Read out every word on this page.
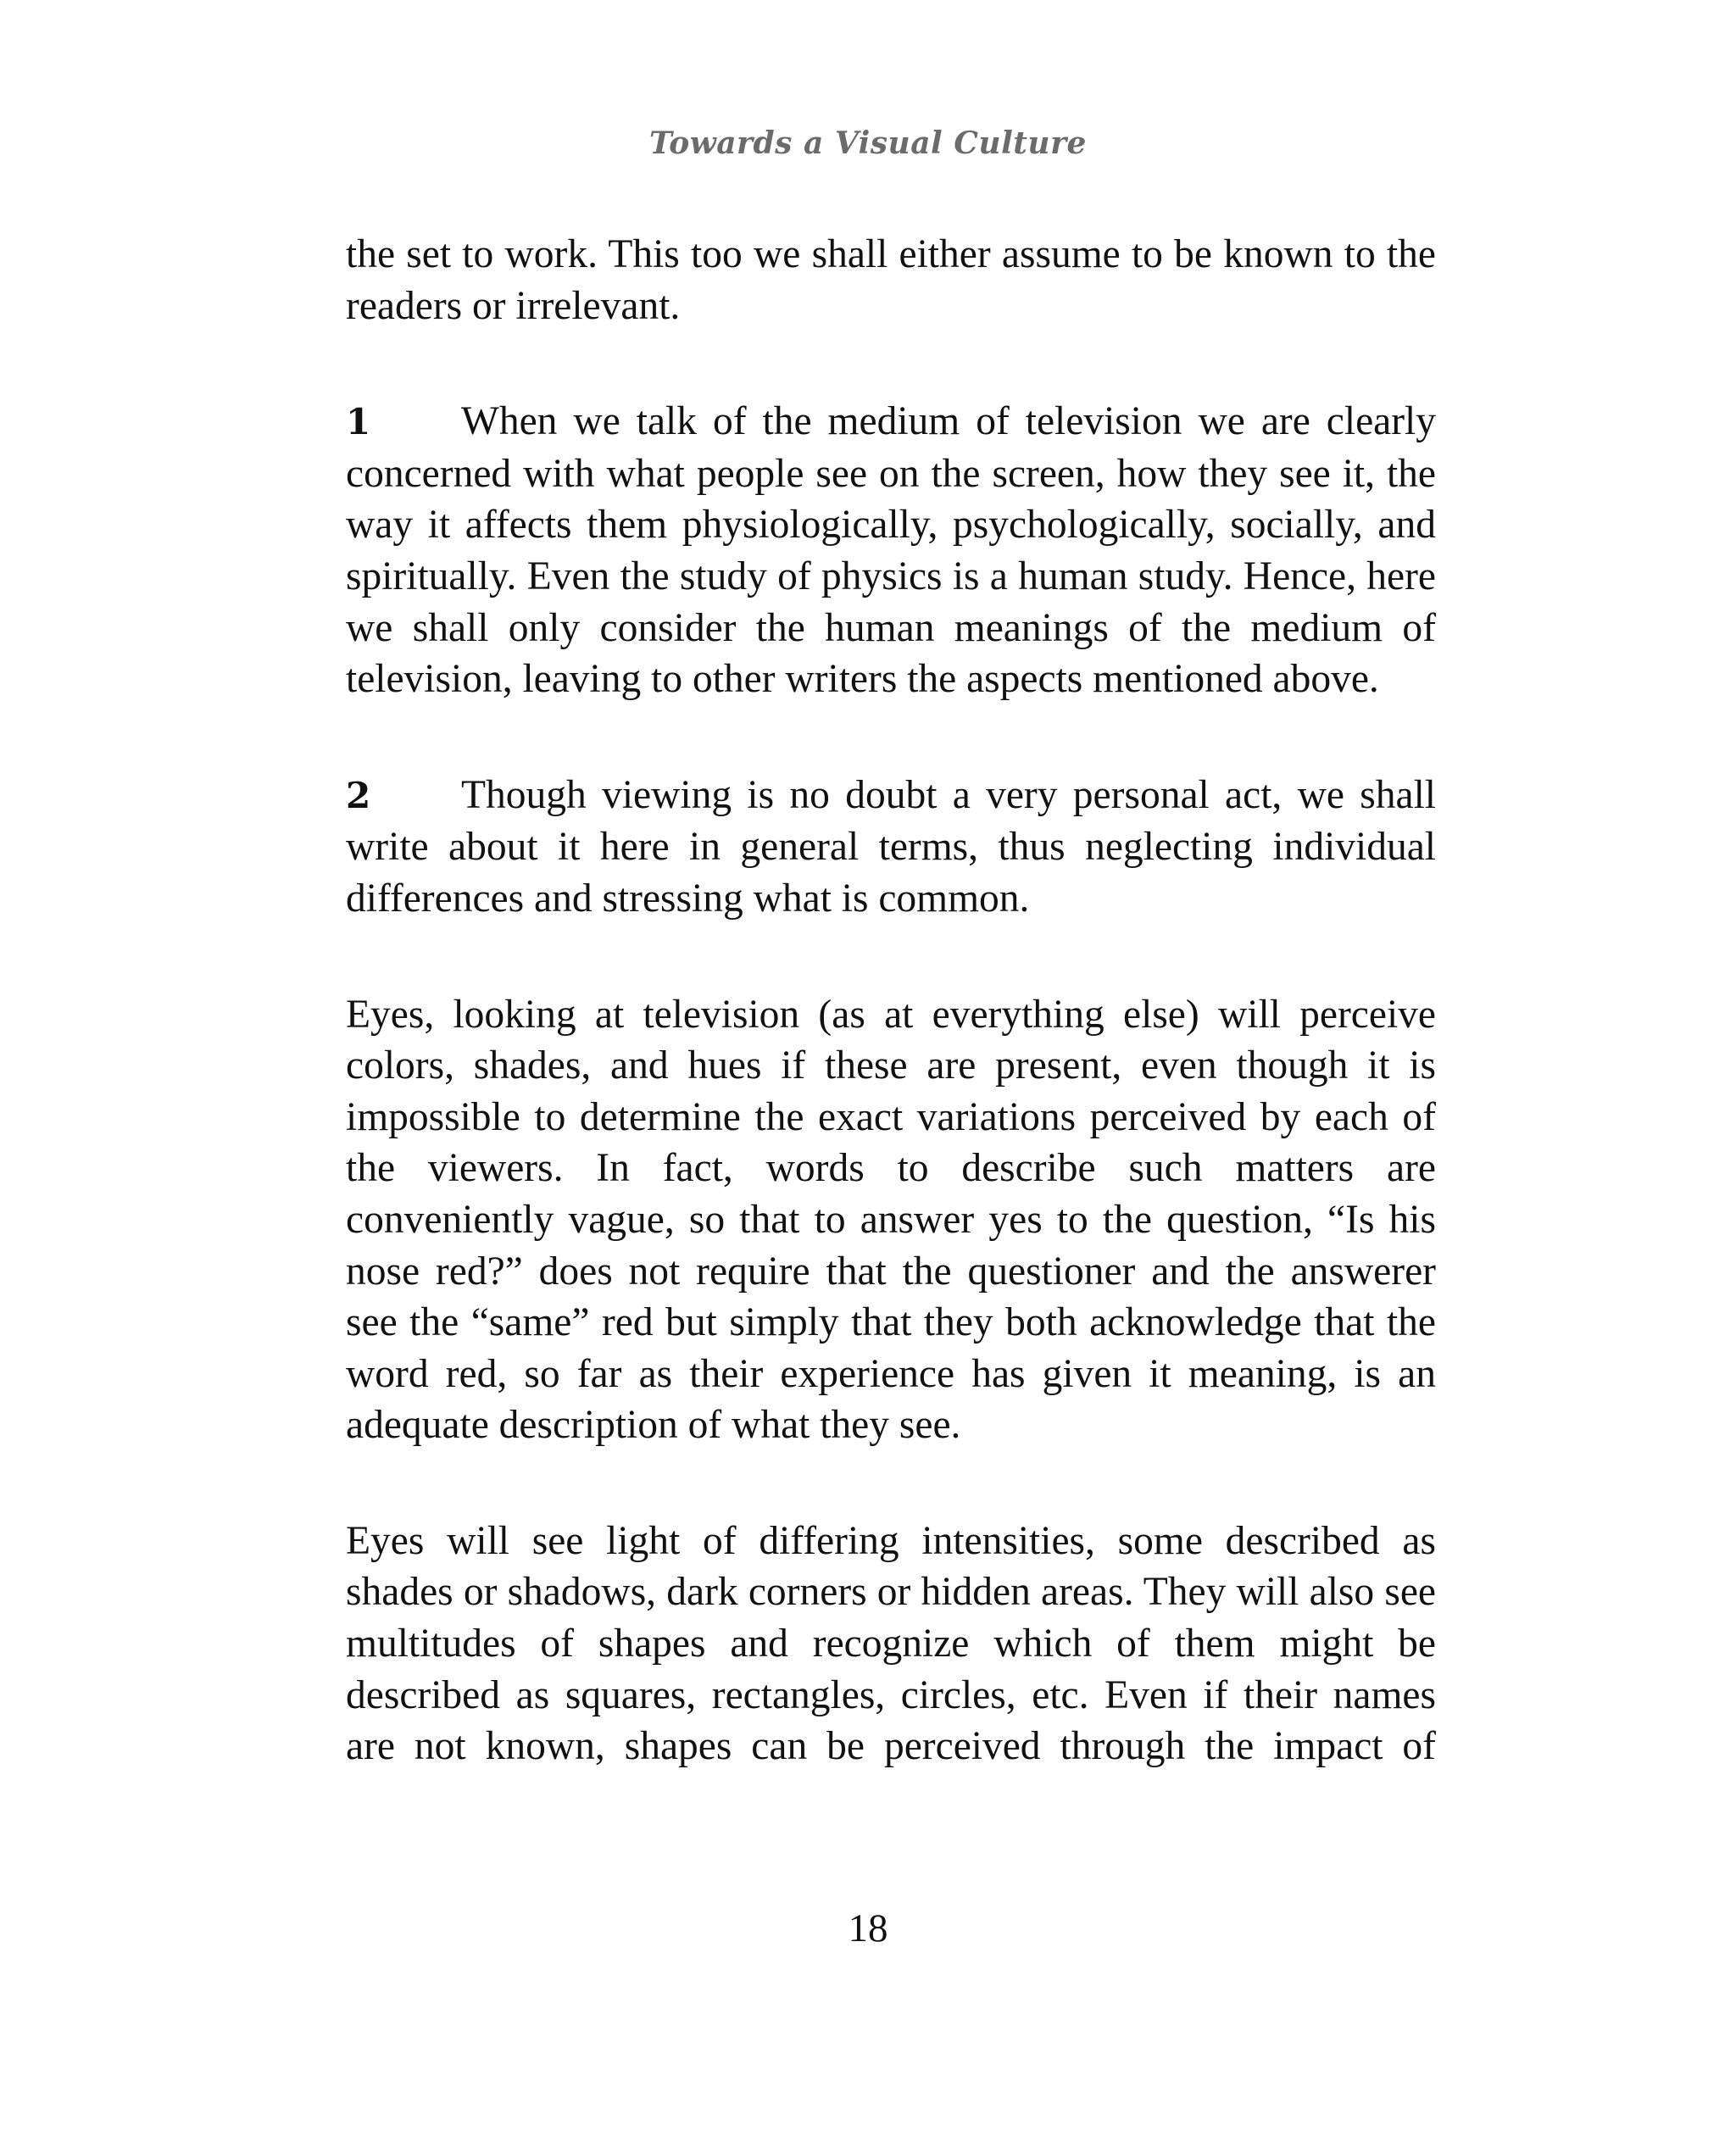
Towards a Visual Culture

the set to work. This too we shall either assume to be known to the readers or irrelevant.

1 When we talk of the medium of television we are clearly concerned with what people see on the screen, how they see it, the way it affects them physiologically, psychologically, socially, and spiritually. Even the study of physics is a human study. Hence, here we shall only consider the human meanings of the medium of television, leaving to other writers the aspects mentioned above.

2 Though viewing is no doubt a very personal act, we shall write about it here in general terms, thus neglecting individual differences and stressing what is common.

Eyes, looking at television (as at everything else) will perceive colors, shades, and hues if these are present, even though it is impossible to determine the exact variations perceived by each of the viewers. In fact, words to describe such matters are conveniently vague, so that to answer yes to the question, “Is his nose red?” does not require that the questioner and the answerer see the “same” red but simply that they both acknowledge that the word red, so far as their experience has given it meaning, is an adequate description of what they see.

Eyes will see light of differing intensities, some described as shades or shadows, dark corners or hidden areas. They will also see multitudes of shapes and recognize which of them might be described as squares, rectangles, circles, etc. Even if their names are not known, shapes can be perceived through the impact of

18
